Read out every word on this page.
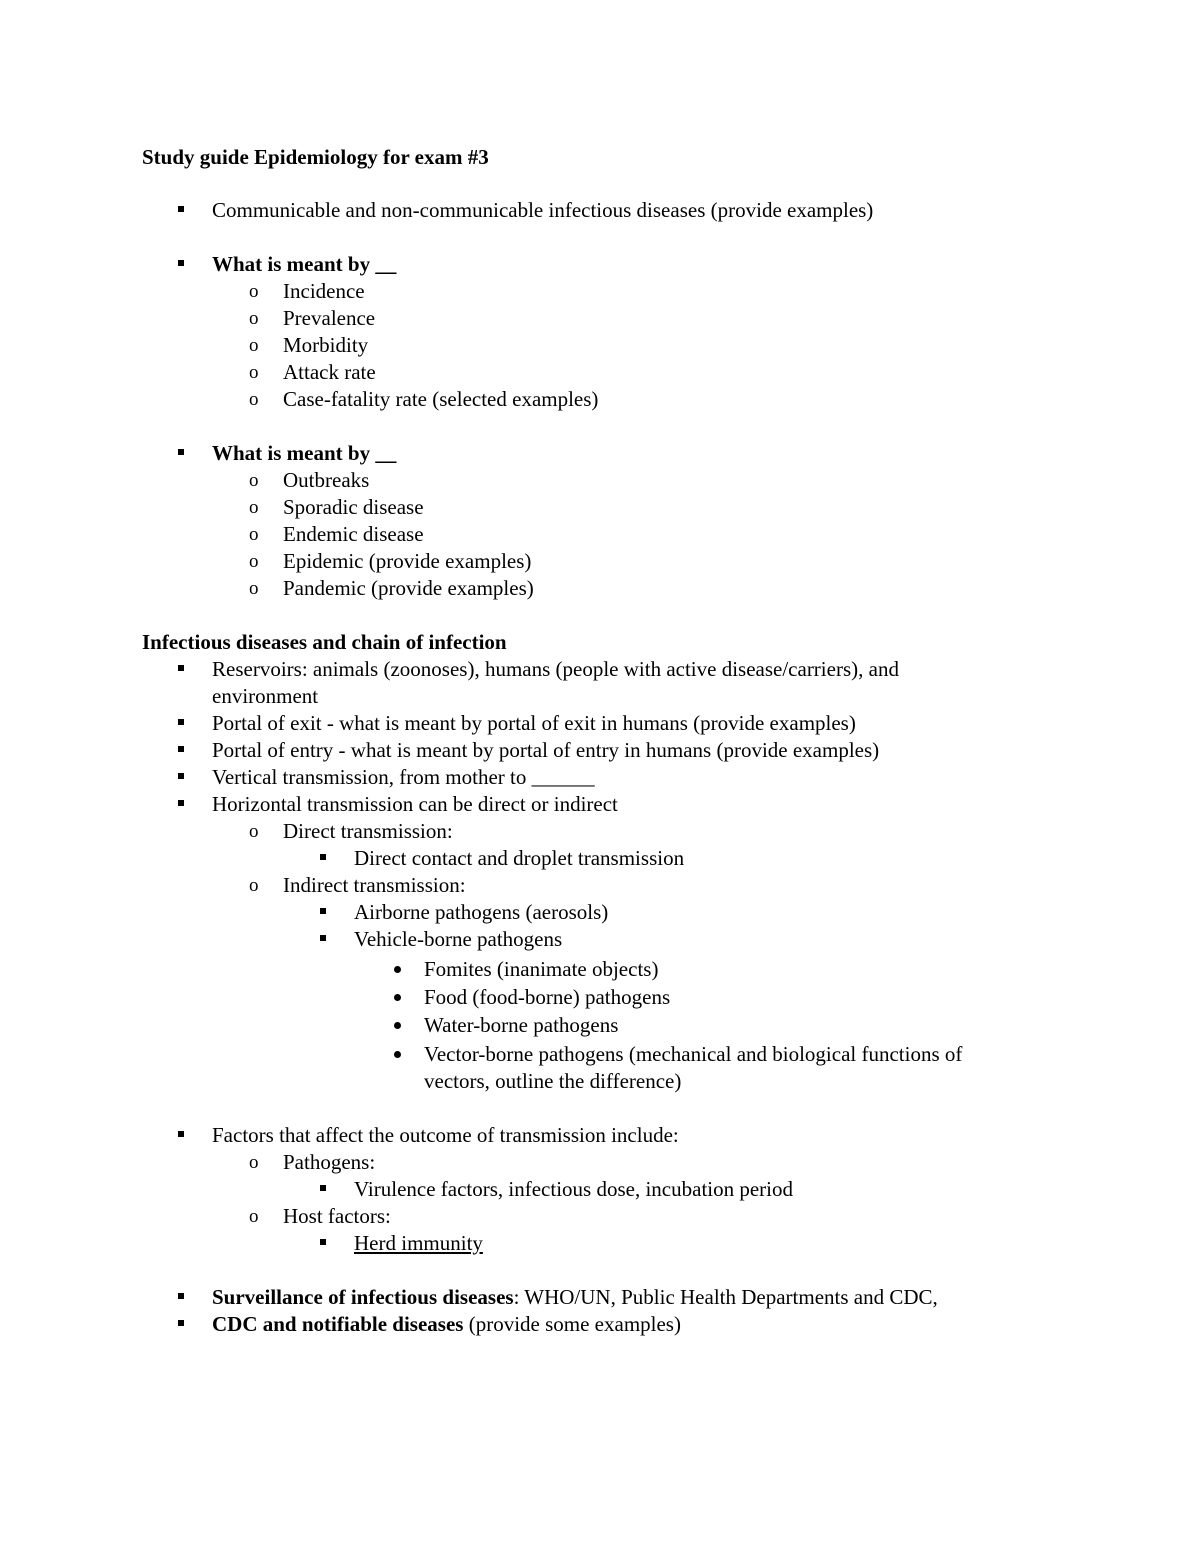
Study guide Epidemiology for exam #3
Communicable and non-communicable infectious diseases (provide examples)
What is meant by __
o Incidence
o Prevalence
o Morbidity
o Attack rate
o Case-fatality rate (selected examples)
What is meant by __
o Outbreaks
o Sporadic disease
o Endemic disease
o Epidemic (provide examples)
o Pandemic (provide examples)
Infectious diseases and chain of infection
Reservoirs: animals (zoonoses), humans (people with active disease/carriers), and
environment
Portal of exit - what is meant by portal of exit in humans (provide examples)
Portal of entry - what is meant by portal of entry in humans (provide examples)
Vertical transmission, from mother to ______
Horizontal transmission can be direct or indirect
o Direct transmission:
Direct contact and droplet transmission
o Indirect transmission:
Airborne pathogens (aerosols)
Vehicle-borne pathogens
Fomites (inanimate objects)
Food (food-borne) pathogens
Water-borne pathogens
Vector-borne pathogens (mechanical and biological functions of
vectors, outline the difference)
Factors that affect the outcome of transmission include:
o Pathogens:
Virulence factors, infectious dose, incubation period
o Host factors:
Herd immunity
Surveillance of infectious diseases: WHO/UN, Public Health Departments and CDC,
CDC and notifiable diseases (provide some examples)
